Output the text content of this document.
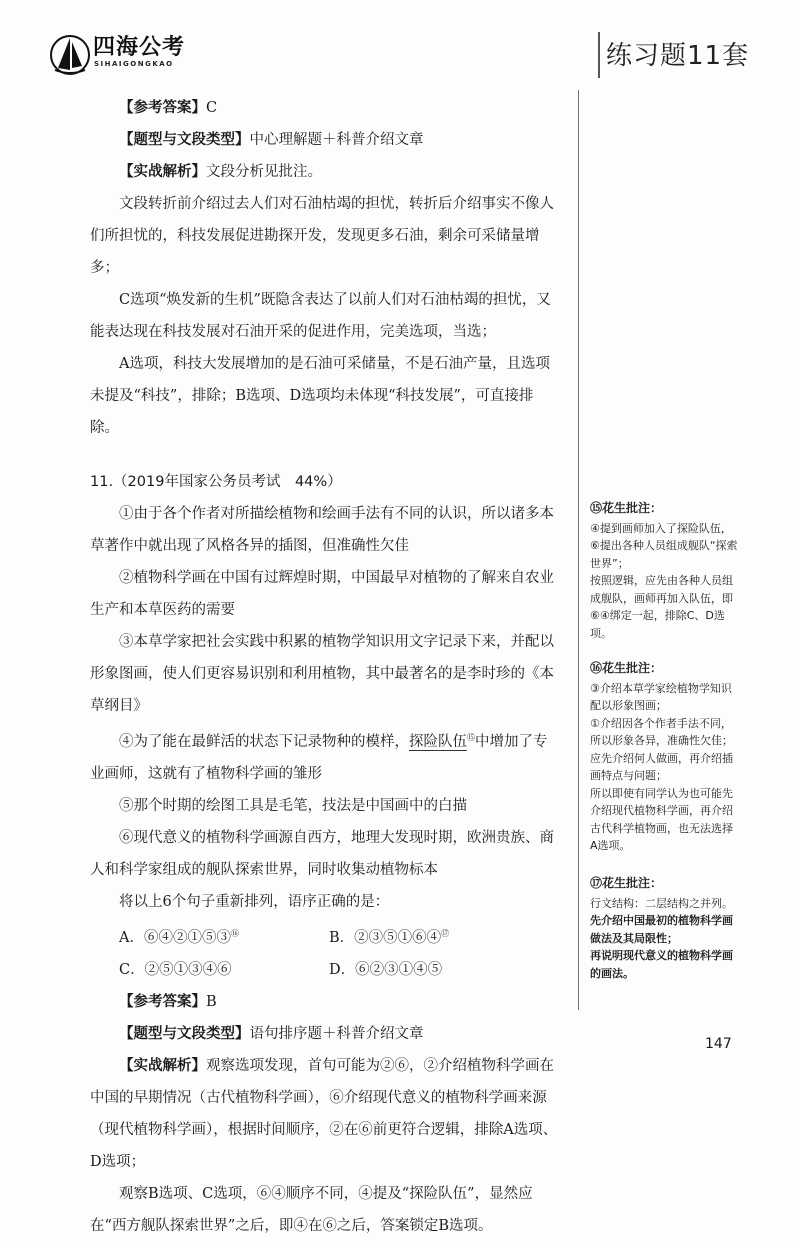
四海公考
SIHAIGONGKAO	练习题11套

【参考答案】C

【题型与文段类型】中心理解题＋科普介绍文章

【实战解析】文段分析见批注。

文段转折前介绍过去人们对石油枯竭的担忧，转折后介绍事实不像人们所担忧的，科技发展促进勘探开发，发现更多石油，剩余可采储量增多；

C选项“焕发新的生机”既隐含表达了以前人们对石油枯竭的担忧，又能表达现在科技发展对石油开采的促进作用，完美选项，当选；

A选项，科技大发展增加的是石油可采储量，不是石油产量，且选项未提及“科技”，排除；B选项、D选项均未体现“科技发展”，可直接排除。

11.（2019年国家公务员考试　44%）

①由于各个作者对所描绘植物和绘画手法有不同的认识，所以诸多本草著作中就出现了风格各异的插图，但准确性欠佳

②植物科学画在中国有过辉煌时期，中国最早对植物的了解来自农业生产和本草医药的需要

③本草学家把社会实践中积累的植物学知识用文字记录下来，并配以形象图画，使人们更容易识别和利用植物，其中最著名的是李时珍的《本草纲目》

④为了能在最鲜活的状态下记录物种的模样，探险队伍⑮中增加了专业画师，这就有了植物科学画的雏形

⑤那个时期的绘图工具是毛笔，技法是中国画中的白描

⑥现代意义的植物科学画源自西方，地理大发现时期，欧洲贵族、商人和科学家组成的舰队探索世界，同时收集动植物标本

将以上6个句子重新排列，语序正确的是：

A．⑥④②①⑤③⑯	B．②③⑤①⑥④⑰
C．②⑤①③④⑥	D．⑥②③①④⑤

【参考答案】B

【题型与文段类型】语句排序题＋科普介绍文章

【实战解析】观察选项发现，首句可能为②⑥，②介绍植物科学画在中国的早期情况（古代植物科学画），⑥介绍现代意义的植物科学画来源（现代植物科学画），根据时间顺序，②在⑥前更符合逻辑，排除A选项、D选项；

观察B选项、C选项，⑥④顺序不同，④提及“探险队伍”，显然应在“西方舰队探索世界”之后，即④在⑥之后，答案锁定B选项。

⑮花生批注：

④提到画师加入了探险队伍，⑥提出各种人员组成舰队“探索世界”；

按照逻辑，应先由各种人员组成舰队，画师再加入队伍，即⑥④绑定一起，排除C、D选项。

⑯花生批注：

③介绍本草学家绘植物学知识配以形象图画；

①介绍因各个作者手法不同，所以形象各异，准确性欠佳；

应先介绍何人做画，再介绍插画特点与问题；

所以即使有同学认为也可能先介绍现代植物科学画，再介绍古代科学植物画，也无法选择A选项。

⑰花生批注：

行文结构：二层结构之并列。

先介绍中国最初的植物科学画做法及其局限性；

再说明现代意义的植物科学画的画法。

147
